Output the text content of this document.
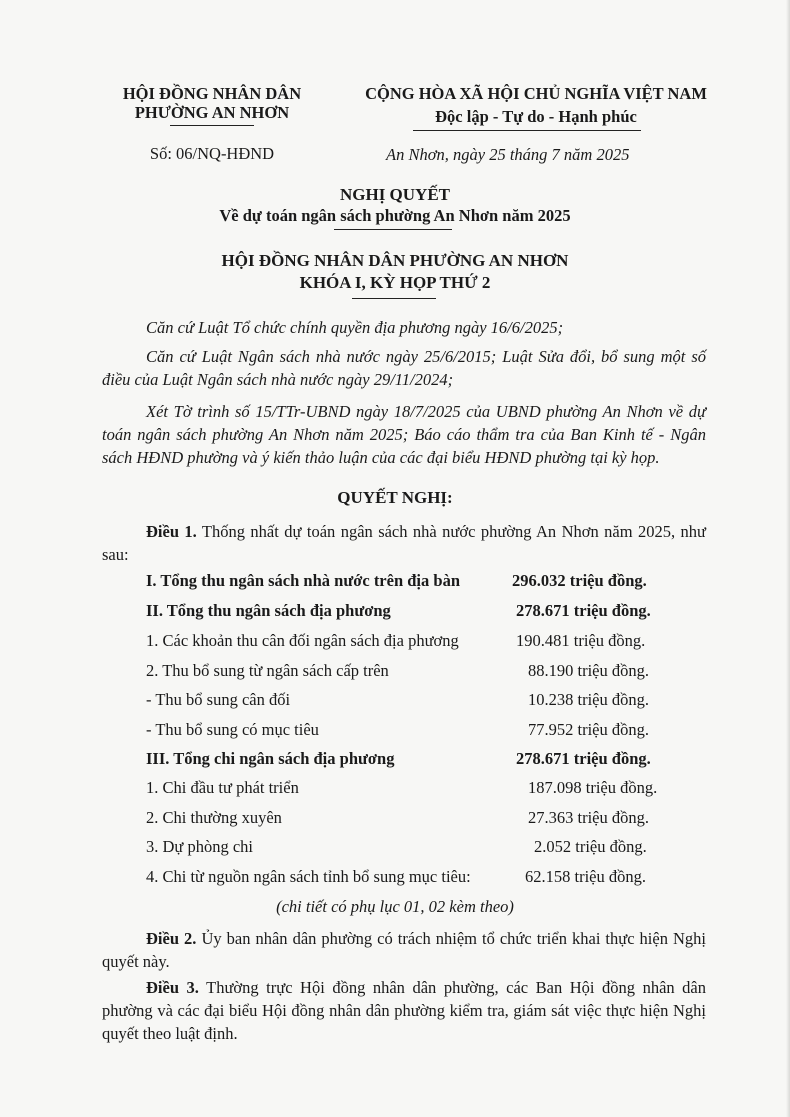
HỘI ĐỒNG NHÂN DÂN
PHƯỜNG AN NHƠN
CỘNG HÒA XÃ HỘI CHỦ NGHĨA VIỆT NAM
Độc lập - Tự do - Hạnh phúc
Số: 06/NQ-HĐND	An Nhơn, ngày 25 tháng 7 năm 2025
NGHỊ QUYẾT
Về dự toán ngân sách phường An Nhơn năm 2025
HỘI ĐỒNG NHÂN DÂN PHƯỜNG AN NHƠN
KHÓA I, KỲ HỌP THỨ 2
Căn cứ Luật Tổ chức chính quyền địa phương ngày 16/6/2025;
Căn cứ Luật Ngân sách nhà nước ngày 25/6/2015; Luật Sửa đổi, bổ sung một số điều của Luật Ngân sách nhà nước ngày 29/11/2024;
Xét Tờ trình số 15/TTr-UBND ngày 18/7/2025 của UBND phường An Nhơn về dự toán ngân sách phường An Nhơn năm 2025; Báo cáo thẩm tra của Ban Kinh tế - Ngân sách HĐND phường và ý kiến thảo luận của các đại biểu HĐND phường tại kỳ họp.
QUYẾT NGHỊ:
Điều 1. Thống nhất dự toán ngân sách nhà nước phường An Nhơn năm 2025, như sau:
I. Tổng thu ngân sách nhà nước trên địa bàn	296.032 triệu đồng.
II. Tổng thu ngân sách địa phương	278.671 triệu đồng.
1. Các khoản thu cân đối ngân sách địa phương	190.481 triệu đồng.
2. Thu bổ sung từ ngân sách cấp trên	88.190 triệu đồng.
- Thu bổ sung cân đối	10.238 triệu đồng.
- Thu bổ sung có mục tiêu	77.952 triệu đồng.
III. Tổng chi ngân sách địa phương	278.671 triệu đồng.
1. Chi đầu tư phát triển	187.098 triệu đồng.
2. Chi thường xuyên	27.363 triệu đồng.
3. Dự phòng chi	2.052 triệu đồng.
4. Chi từ nguồn ngân sách tỉnh bổ sung mục tiêu:	62.158 triệu đồng.
(chi tiết có phụ lục 01, 02 kèm theo)
Điều 2. Ủy ban nhân dân phường có trách nhiệm tổ chức triển khai thực hiện Nghị quyết này.
Điều 3. Thường trực Hội đồng nhân dân phường, các Ban Hội đồng nhân dân phường và các đại biểu Hội đồng nhân dân phường kiểm tra, giám sát việc thực hiện Nghị quyết theo luật định.
